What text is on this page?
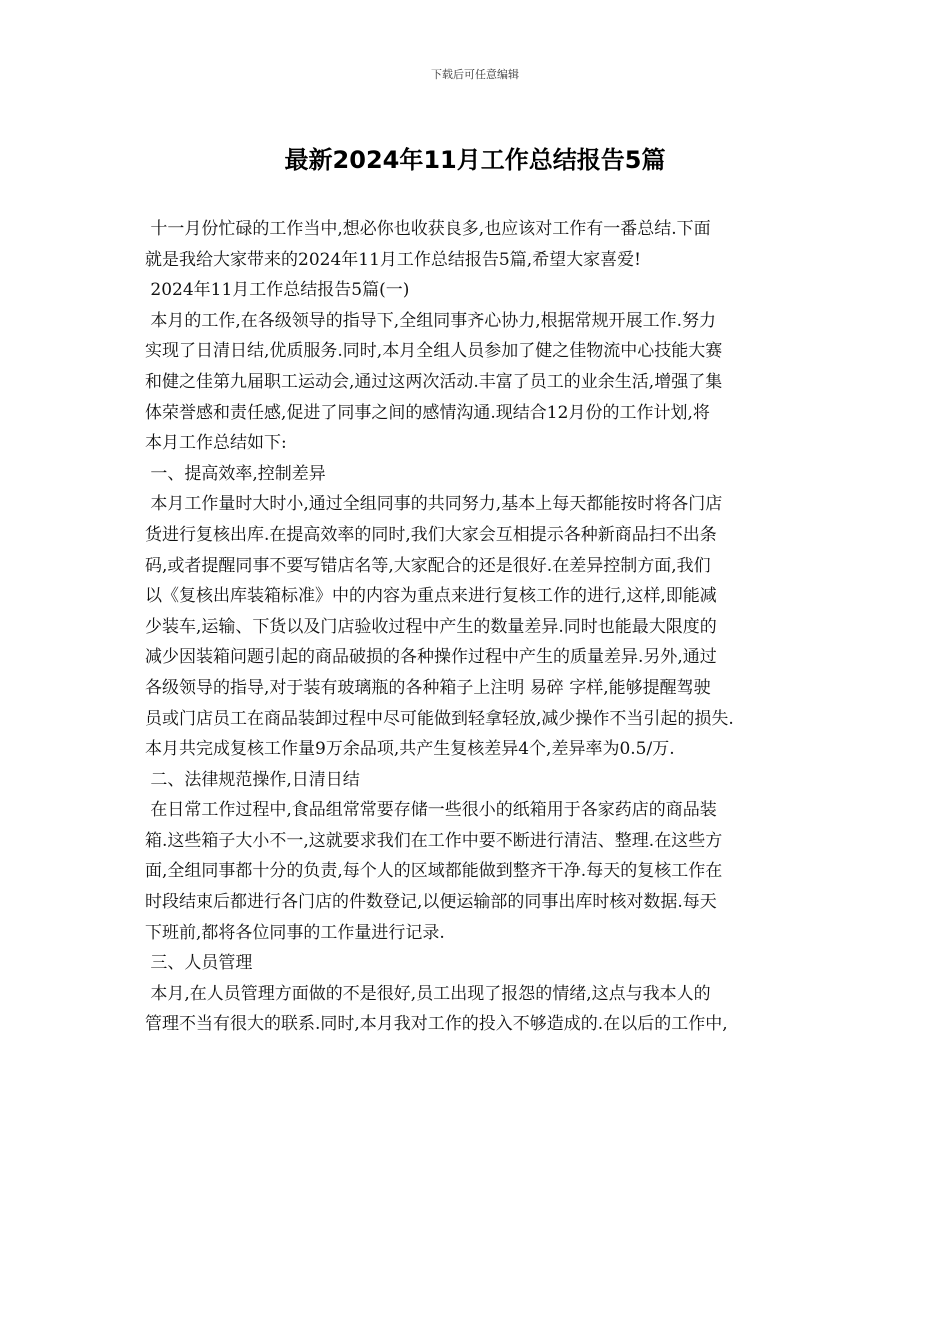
下载后可任意编辑
最新2024年11月工作总结报告5篇

十一月份忙碌的工作当中,想必你也收获良多,也应该对工作有一番总结.下面

就是我给大家带来的2024年11月工作总结报告5篇,希望大家喜爱!

2024年11月工作总结报告5篇(一)

本月的工作,在各级领导的指导下,全组同事齐心协力,根据常规开展工作.努力

实现了日清日结,优质服务.同时,本月全组人员参加了健之佳物流中心技能大赛

和健之佳第九届职工运动会,通过这两次活动.丰富了员工的业余生活,增强了集

体荣誉感和责任感,促进了同事之间的感情沟通.现结合12月份的工作计划,将

本月工作总结如下:

一、提高效率,控制差异

本月工作量时大时小,通过全组同事的共同努力,基本上每天都能按时将各门店

货进行复核出库.在提高效率的同时,我们大家会互相提示各种新商品扫不出条

码,或者提醒同事不要写错店名等,大家配合的还是很好.在差异控制方面,我们

以《复核出库装箱标准》中的内容为重点来进行复核工作的进行,这样,即能减

少装车,运输、下货以及门店验收过程中产生的数量差异.同时也能最大限度的

减少因装箱问题引起的商品破损的各种操作过程中产生的质量差异.另外,通过

各级领导的指导,对于装有玻璃瓶的各种箱子上注明 易碎 字样,能够提醒驾驶

员或门店员工在商品装卸过程中尽可能做到轻拿轻放,减少操作不当引起的损失.

本月共完成复核工作量9万余品项,共产生复核差异4个,差异率为0.5/万.

二、法律规范操作,日清日结

在日常工作过程中,食品组常常要存储一些很小的纸箱用于各家药店的商品装

箱.这些箱子大小不一,这就要求我们在工作中要不断进行清洁、整理.在这些方

面,全组同事都十分的负责,每个人的区域都能做到整齐干净.每天的复核工作在

时段结束后都进行各门店的件数登记,以便运输部的同事出库时核对数据.每天

下班前,都将各位同事的工作量进行记录.

三、人员管理

本月,在人员管理方面做的不是很好,员工出现了报怨的情绪,这点与我本人的

管理不当有很大的联系.同时,本月我对工作的投入不够造成的.在以后的工作中,
